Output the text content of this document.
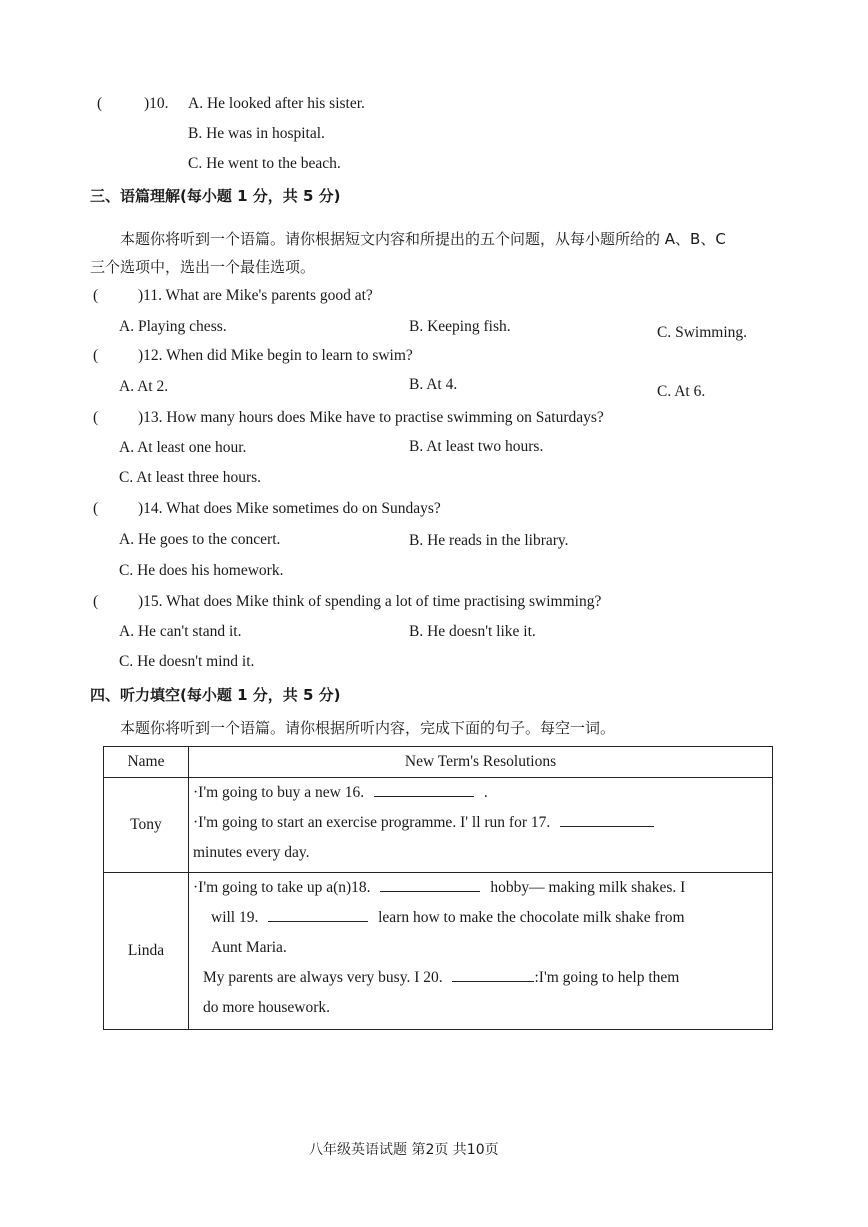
(	)10. A. He looked after his sister.
B. He was in hospital.
C. He went to the beach.
三、语篇理解(每小题 1 分，共 5 分)
本题你将听到一个语篇。请你根据短文内容和所提出的五个问题，从每小题所给的 A、B、C
三个选项中，选出一个最佳选项。
(	)11. What are Mike's parents good at?
A. Playing chess.	B. Keeping fish.	C. Swimming.
(	)12. When did Mike begin to learn to swim?
A. At 2.	B. At 4.	C. At 6.
(	)13. How many hours does Mike have to practise swimming on Saturdays?
A. At least one hour.	B. At least two hours.
C. At least three hours.
(	)14. What does Mike sometimes do on Sundays?
A. He goes to the concert.	B. He reads in the library.
C. He does his homework.
(	)15. What does Mike think of spending a lot of time practising swimming?
A. He can't stand it.	B. He doesn't like it.
C. He doesn't mind it.
四、听力填空(每小题 1 分，共 5 分)
本题你将听到一个语篇。请你根据所听内容，完成下面的句子。每空一词。
Name	New Term's Resolutions
Tony	·I'm going to buy a new 16. .
·I'm going to start an exercise programme. I' ll run for 17.
minutes every day.

Linda	·I'm going to take up a(n)18. hobby— making milk shakes. I
will 19. learn how to make the chocolate milk shake from
Aunt Maria.
My parents are always very busy. I 20. :I'm going to help them
do more housework.
八年级英语试题 第2页 共10页
